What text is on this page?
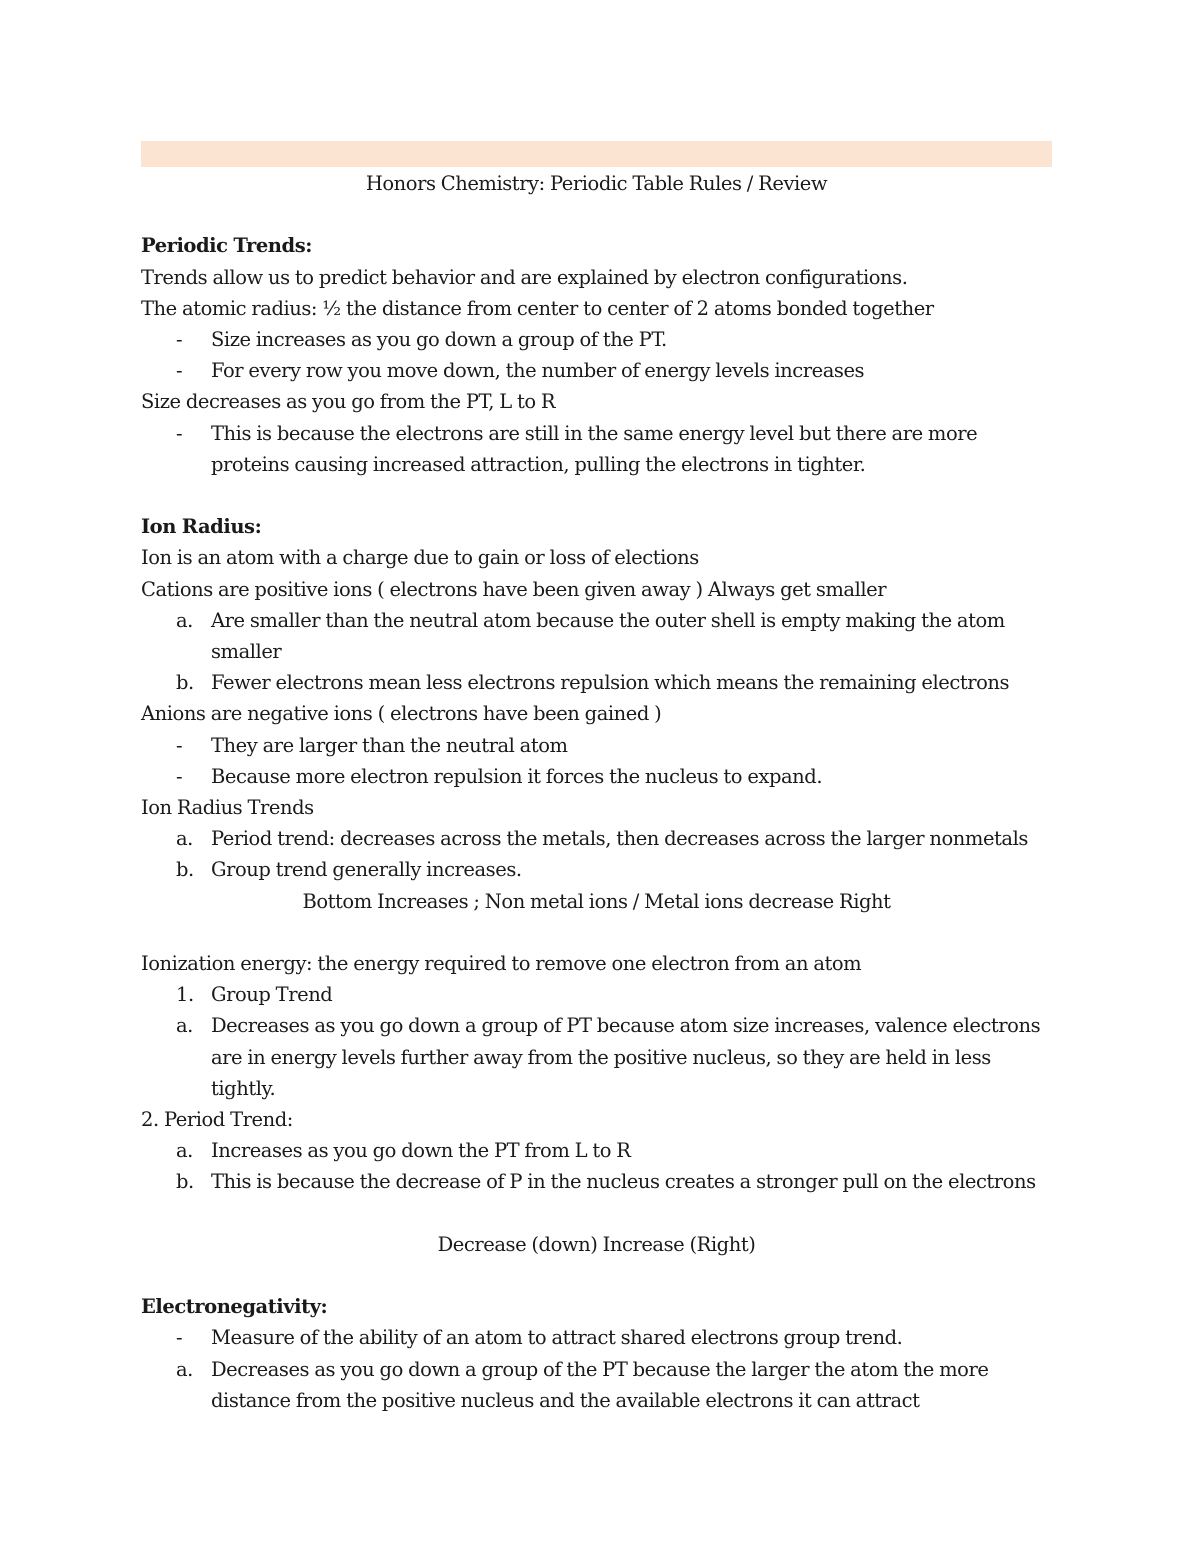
Honors Chemistry: Periodic Table Rules / Review
Periodic Trends:
Trends allow us to predict behavior and are explained by electron configurations.
The atomic radius: ½ the distance from center to center of 2 atoms bonded together
- Size increases as you go down a group of the PT.
- For every row you move down, the number of energy levels increases
Size decreases as you go from the PT, L to R
- This is because the electrons are still in the same energy level but there are more proteins causing increased attraction, pulling the electrons in tighter.
Ion Radius:
Ion is an atom with a charge due to gain or loss of elections
Cations are positive ions ( electrons have been given away ) Always get smaller
a. Are smaller than the neutral atom because the outer shell is empty making the atom smaller
b. Fewer electrons mean less electrons repulsion which means the remaining electrons
Anions are negative ions ( electrons have been gained )
- They are larger than the neutral atom
- Because more electron repulsion it forces the nucleus to expand.
Ion Radius Trends
a. Period trend: decreases across the metals, then decreases across the larger nonmetals
b. Group trend generally increases.
Bottom Increases ; Non metal ions / Metal ions decrease Right
Ionization energy: the energy required to remove one electron from an atom
1. Group Trend
a. Decreases as you go down a group of PT because atom size increases, valence electrons are in energy levels further away from the positive nucleus, so they are held in less tightly.
2. Period Trend:
a. Increases as you go down the PT from L to R
b. This is because the decrease of P in the nucleus creates a stronger pull on the electrons
Decrease (down) Increase (Right)
Electronegativity:
- Measure of the ability of an atom to attract shared electrons group trend.
a. Decreases as you go down a group of the PT because the larger the atom the more distance from the positive nucleus and the available electrons it can attract
